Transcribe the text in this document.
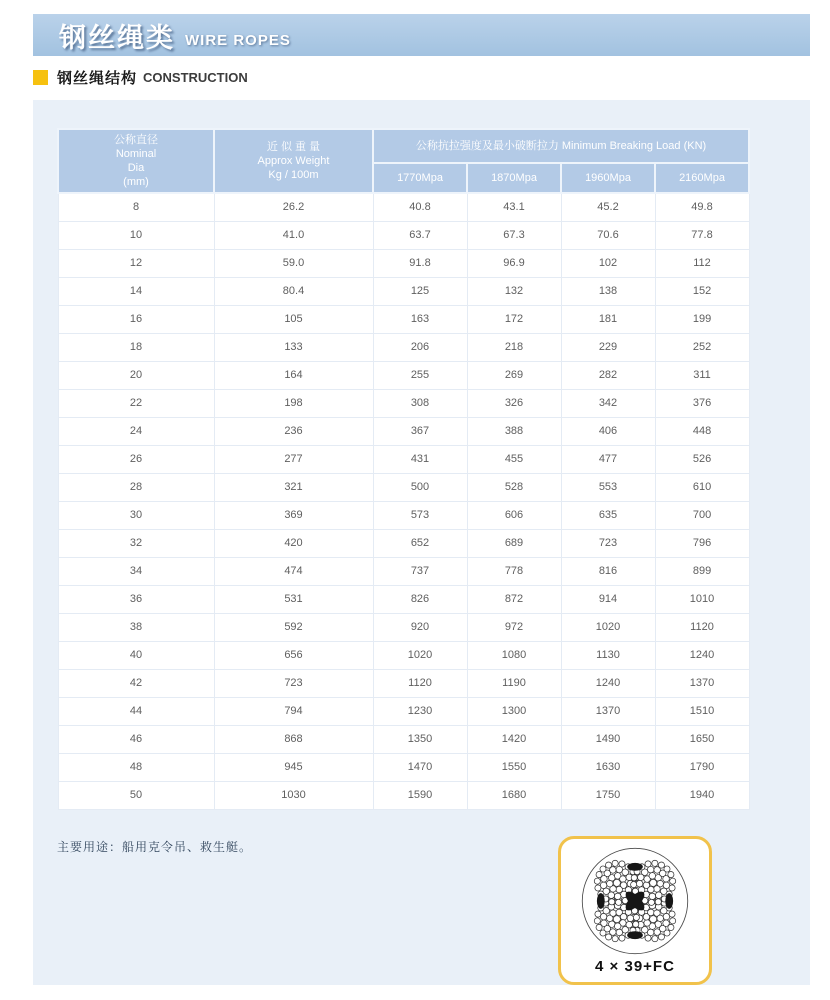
钢丝绳类 WIRE ROPES
钢丝绳结构 CONSTRUCTION
公称直径
Nominal
Dia
(mm)

近 似 重 量
Approx Weight
Kg / 100m
	公称抗拉强度及最小破断拉力 Minimum Breaking Load (KN)
		1770Mpa	1870Mpa	1960Mpa	2160Mpa
8	26.2	40.8	43.1	45.2	49.8
10	41.0	63.7	67.3	70.6	77.8
12	59.0	91.8	96.9	102	112
14	80.4	125	132	138	152
16	105	163	172	181	199
18	133	206	218	229	252
20	164	255	269	282	311
22	198	308	326	342	376
24	236	367	388	406	448
26	277	431	455	477	526
28	321	500	528	553	610
30	369	573	606	635	700
32	420	652	689	723	796
34	474	737	778	816	899
36	531	826	872	914	1010
38	592	920	972	1020	1120
40	656	1020	1080	1130	1240
42	723	1120	1190	1240	1370
44	794	1230	1300	1370	1510
46	868	1350	1420	1490	1650
48	945	1470	1550	1630	1790
50	1030	1590	1680	1750	1940
主要用途：船用克令吊、救生艇。
4 × 39+FC
